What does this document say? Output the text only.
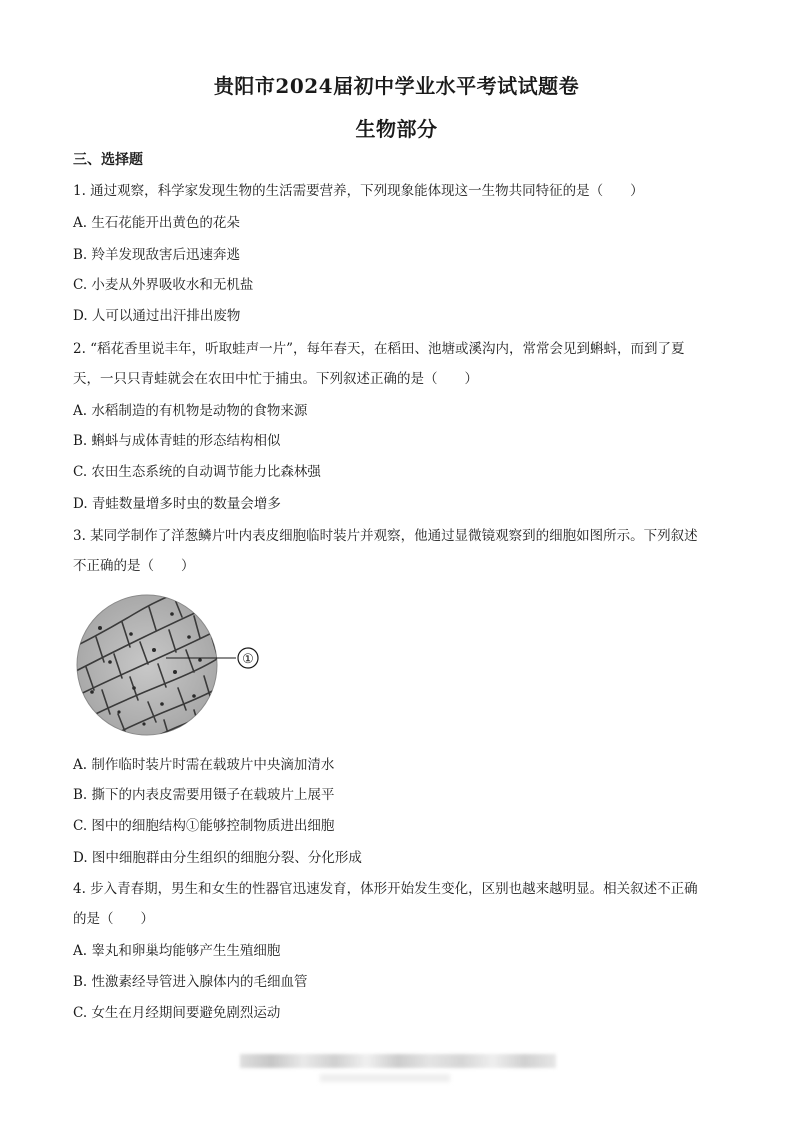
贵阳市2024届初中学业水平考试试题卷
生物部分
三、选择题
1. 通过观察，科学家发现生物的生活需要营养，下列现象能体现这一生物共同特征的是（　　）
A. 生石花能开出黄色的花朵
B. 羚羊发现敌害后迅速奔逃
C. 小麦从外界吸收水和无机盐
D. 人可以通过出汗排出废物
2. “稻花香里说丰年，听取蛙声一片”，每年春天，在稻田、池塘或溪沟内，常常会见到蝌蚪，而到了夏
天，一只只青蛙就会在农田中忙于捕虫。下列叙述正确的是（　　）
A. 水稻制造的有机物是动物的食物来源
B. 蝌蚪与成体青蛙的形态结构相似
C. 农田生态系统的自动调节能力比森林强
D. 青蛙数量增多时虫的数量会增多
3. 某同学制作了洋葱鳞片叶内表皮细胞临时装片并观察，他通过显微镜观察到的细胞如图所示。下列叙述
不正确的是（　　）
①
A. 制作临时装片时需在载玻片中央滴加清水
B. 撕下的内表皮需要用镊子在载玻片上展平
C. 图中的细胞结构①能够控制物质进出细胞
D. 图中细胞群由分生组织的细胞分裂、分化形成
4. 步入青春期，男生和女生的性器官迅速发育，体形开始发生变化，区别也越来越明显。相关叙述不正确
的是（　　）
A. 睾丸和卵巢均能够产生生殖细胞
B. 性激素经导管进入腺体内的毛细血管
C. 女生在月经期间要避免剧烈运动
